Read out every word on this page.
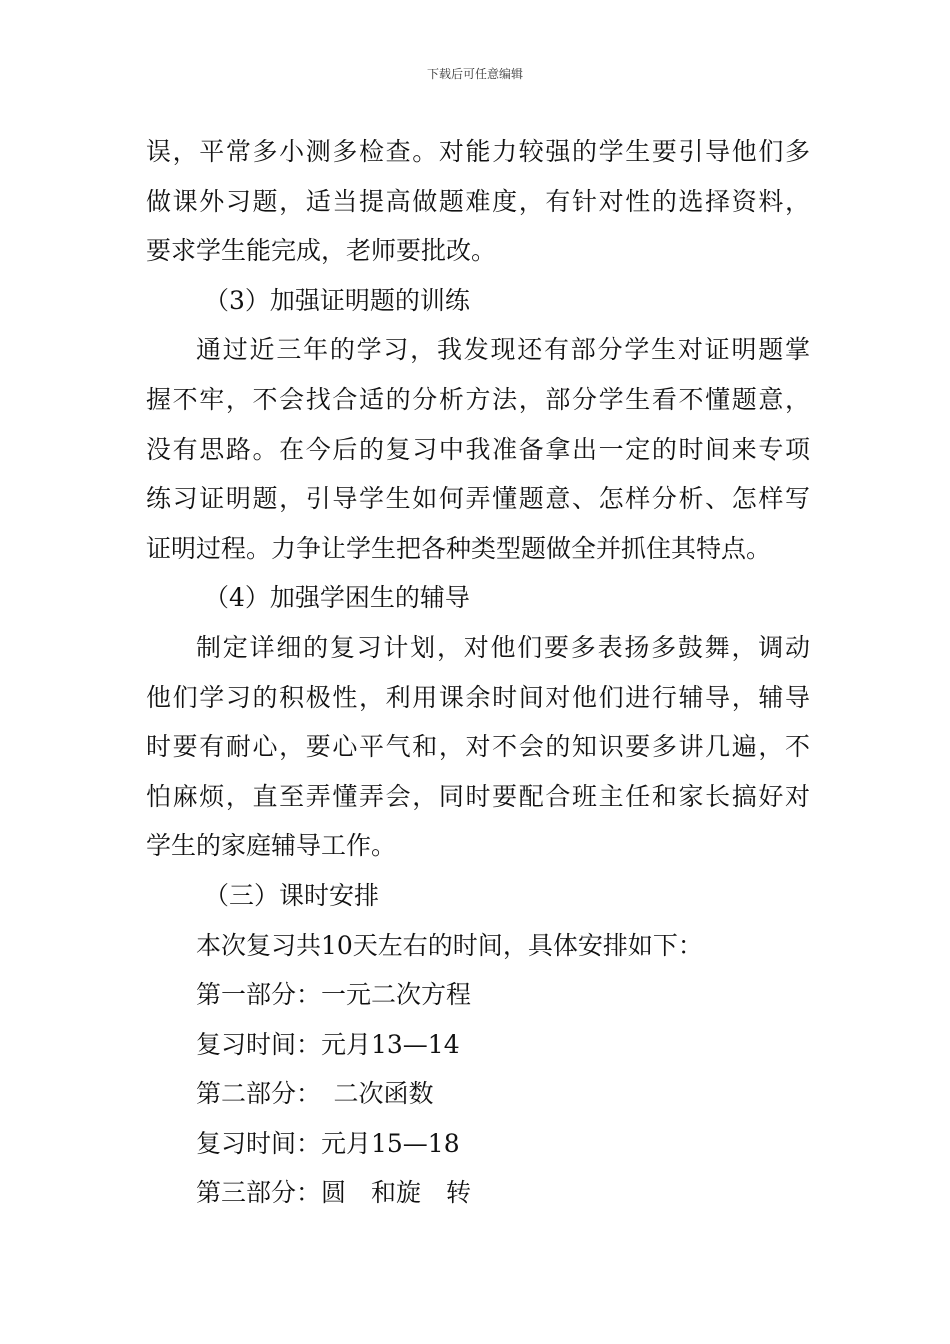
下载后可任意编辑
误，平常多小测多检查。对能力较强的学生要引导他们多
做课外习题，适当提高做题难度，有针对性的选择资料，
要求学生能完成，老师要批改。
（3）加强证明题的训练
通过近三年的学习，我发现还有部分学生对证明题掌
握不牢，不会找合适的分析方法，部分学生看不懂题意，
没有思路。在今后的复习中我准备拿出一定的时间来专项
练习证明题，引导学生如何弄懂题意、怎样分析、怎样写
证明过程。力争让学生把各种类型题做全并抓住其特点。
（4）加强学困生的辅导
制定详细的复习计划，对他们要多表扬多鼓舞，调动
他们学习的积极性，利用课余时间对他们进行辅导，辅导
时要有耐心，要心平气和，对不会的知识要多讲几遍，不
怕麻烦，直至弄懂弄会，同时要配合班主任和家长搞好对
学生的家庭辅导工作。
（三）课时安排
本次复习共10天左右的时间，具体安排如下：
第一部分：一元二次方程
复习时间：元月13—14
第二部分：　二次函数
复习时间：元月15—18
第三部分：圆　和旋　转
